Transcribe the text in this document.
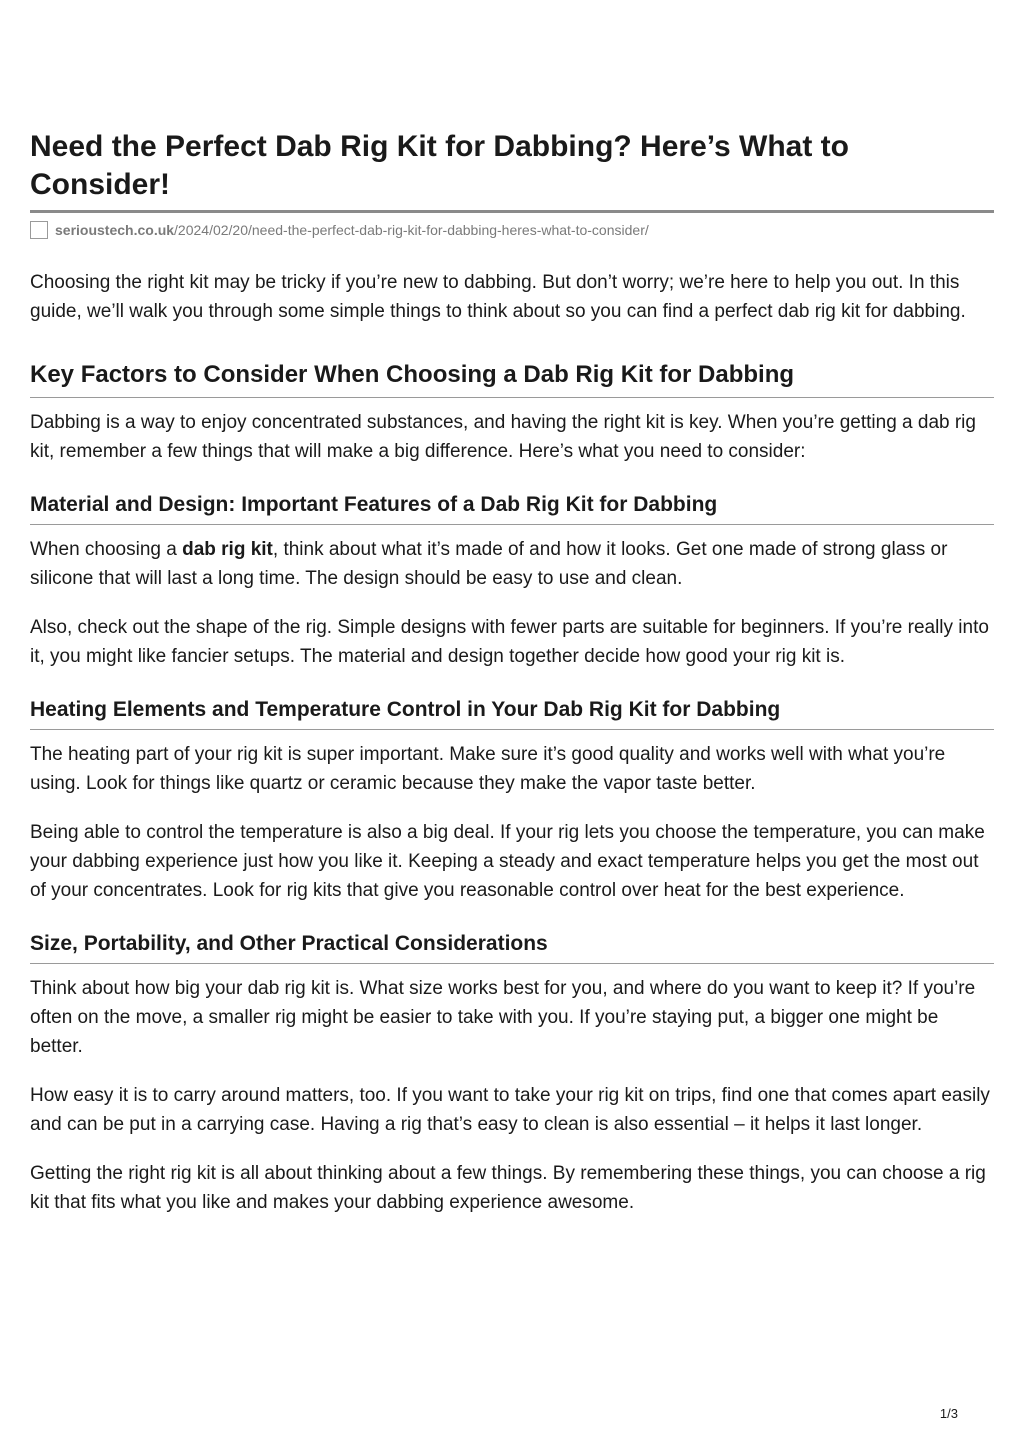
Need the Perfect Dab Rig Kit for Dabbing? Here’s What to Consider!
serioustech.co.uk /2024/02/20/need-the-perfect-dab-rig-kit-for-dabbing-heres-what-to-consider/

Choosing the right kit may be tricky if you’re new to dabbing. But don’t worry; we’re here to help you out. In this guide, we’ll walk you through some simple things to think about so you can find a perfect dab rig kit for dabbing.

Key Factors to Consider When Choosing a Dab Rig Kit for Dabbing

Dabbing is a way to enjoy concentrated substances, and having the right kit is key. When you’re getting a dab rig kit, remember a few things that will make a big difference. Here’s what you need to consider:

Material and Design: Important Features of a Dab Rig Kit for Dabbing

When choosing a dab rig kit, think about what it’s made of and how it looks. Get one made of strong glass or silicone that will last a long time. The design should be easy to use and clean.

Also, check out the shape of the rig. Simple designs with fewer parts are suitable for beginners. If you’re really into it, you might like fancier setups. The material and design together decide how good your rig kit is.

Heating Elements and Temperature Control in Your Dab Rig Kit for Dabbing

The heating part of your rig kit is super important. Make sure it’s good quality and works well with what you’re using. Look for things like quartz or ceramic because they make the vapor taste better.

Being able to control the temperature is also a big deal. If your rig lets you choose the temperature, you can make your dabbing experience just how you like it. Keeping a steady and exact temperature helps you get the most out of your concentrates. Look for rig kits that give you reasonable control over heat for the best experience.

Size, Portability, and Other Practical Considerations

Think about how big your dab rig kit is. What size works best for you, and where do you want to keep it? If you’re often on the move, a smaller rig might be easier to take with you. If you’re staying put, a bigger one might be better.

How easy it is to carry around matters, too. If you want to take your rig kit on trips, find one that comes apart easily and can be put in a carrying case. Having a rig that’s easy to clean is also essential – it helps it last longer.

Getting the right rig kit is all about thinking about a few things. By remembering these things, you can choose a rig kit that fits what you like and makes your dabbing experience awesome.

1/3
